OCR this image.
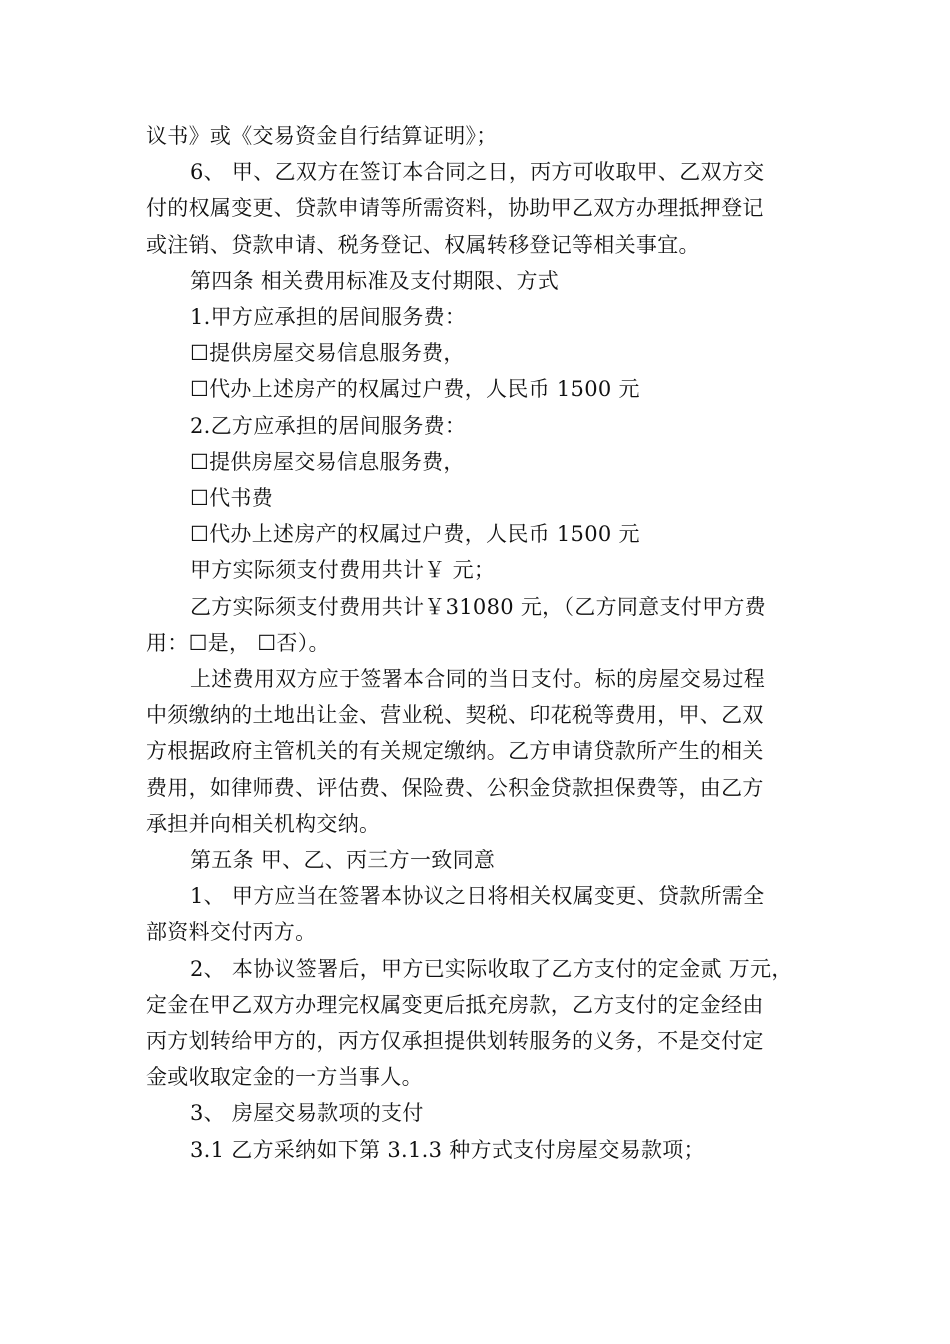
议书》或《交易资金自行结算证明》；

6、 甲、乙双方在签订本合同之日，丙方可收取甲、乙双方交

付的权属变更、贷款申请等所需资料，协助甲乙双方办理抵押登记

或注销、贷款申请、税务登记、权属转移登记等相关事宜。

第四条 相关费用标准及支付期限、方式

1.甲方应承担的居间服务费：

☐提供房屋交易信息服务费，

☐代办上述房产的权属过户费，人民币 1500 元

2.乙方应承担的居间服务费：

☐提供房屋交易信息服务费，

☐代书费

☐代办上述房产的权属过户费，人民币 1500 元

甲方实际须支付费用共计￥ 元；

乙方实际须支付费用共计￥31080 元，（乙方同意支付甲方费

用：☐是， ☐否）。

上述费用双方应于签署本合同的当日支付。标的房屋交易过程

中须缴纳的土地出让金、营业税、契税、印花税等费用，甲、乙双

方根据政府主管机关的有关规定缴纳。乙方申请贷款所产生的相关

费用，如律师费、评估费、保险费、公积金贷款担保费等，由乙方

承担并向相关机构交纳。

第五条 甲、乙、丙三方一致同意

1、 甲方应当在签署本协议之日将相关权属变更、贷款所需全

部资料交付丙方。

2、 本协议签署后，甲方已实际收取了乙方支付的定金贰 万元，

定金在甲乙双方办理完权属变更后抵充房款，乙方支付的定金经由

丙方划转给甲方的，丙方仅承担提供划转服务的义务，不是交付定

金或收取定金的一方当事人。

3、 房屋交易款项的支付

3.1 乙方采纳如下第 3.1.3 种方式支付房屋交易款项；
